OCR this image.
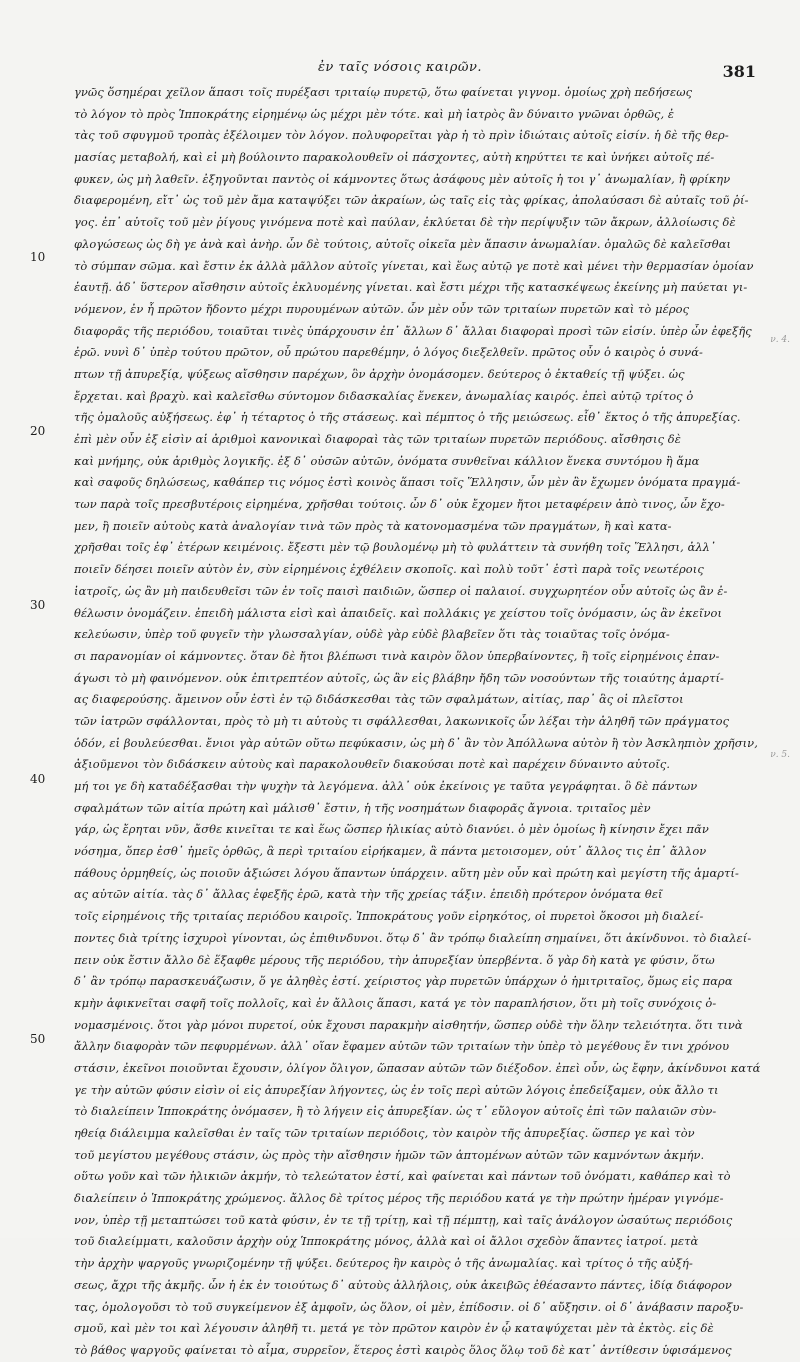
ἐν ταῖς νόσοις καιρῶν.	381
10
20
30
40
50
ν. 4.
ν. 5.
γνῶς ὅσημέραι χεῖλον ἅπασι τοῖς πυρέξασι τριταίῳ πυρετῷ, ὅτω φαίνεται γιγνομ. ὁμοίως χρὴ πεδήσεως
τὸ λόγον τὸ πρὸς Ἱπποκράτης εἰρημένῳ ὡς μέχρι μὲν τότε. καὶ μὴ ἰατρὸς ἂν δύναιτο γνῶναι ὀρθῶς, ἐ
τὰς τοῦ σφυγμοῦ τροπὰς ἐξέλοιμεν τὸν λόγον. πολυφορεῖται γὰρ ἡ τὸ πρὶν ἰδιώταις αὐτοῖς εἰσίν. ἡ δὲ τῆς θερ-
μασίας μεταβολή, καὶ εἰ μὴ βούλοιντο παρακολουθεῖν οἱ πάσχοντες, αὐτὴ κηρύττει τε καὶ ὑνήκει αὐτοῖς πέ-
φυκεν, ὡς μὴ λαθεῖν. ἐξηγοῦνται παντὸς οἱ κάμνοντες ὅτως ἀσάφους μὲν αὐτοῖς ἡ τοι γ᾽ ἀνωμαλίαν, ἢ φρίκην
διαφερομένη, εἴτ᾽ ὡς τοῦ μὲν ἄμα καταψύξει τῶν ἀκραίων, ὡς ταῖς εἰς τὰς φρίκας, ἀπολαύσασι δὲ αὐταῖς τοῦ ῥί-
γος. ἐπ᾽ αὐτοῖς τοῦ μὲν ῥίγους γινόμενα ποτὲ καὶ παύλαν, ἐκλύεται δὲ τὴν περίψυξιν τῶν ἄκρων, ἀλλοίωσις δὲ
φλογώσεως ὡς δὴ γε ἀνὰ καὶ ἀνὴρ. ὧν δὲ τούτοις, αὐτοῖς οἰκεῖα μὲν ἅπασιν ἀνωμαλίαν. ὁμαλῶς δὲ καλεῖσθαι
τὸ σύμπαν σῶμα. καὶ ἔστιν ἐκ ἀλλὰ μᾶλλον αὐτοῖς γίνεται, καὶ ἕως αὐτῷ γε ποτὲ καὶ μένει τὴν θερμασίαν ὁμοίαν
ἑαυτῇ. ἀδ᾽ ὕστερον αἴσθησιν αὐτοῖς ἐκλυομένης γίνεται. καὶ ἔστι μέχρι τῆς κατασκέψεως ἐκείνης μὴ παύεται γι-
νόμενον, ἐν ἧ πρῶτον ἤδοντο μέχρι πυρουμένων αὐτῶν. ὧν μὲν οὖν τῶν τριταίων πυρετῶν καὶ τὸ μέρος
διαφορᾶς τῆς περιόδου, τοιαῦται τινὲς ὑπάρχουσιν ἐπ᾽ ἄλλων δ᾽ ἄλλαι διαφοραὶ προσὶ τῶν εἰσίν. ὑπὲρ ὧν ἐφεξῆς
ἐρῶ. νυνὶ δ᾽ ὑπὲρ τούτου πρῶτον, οὗ πρώτου παρεθέμην, ὁ λόγος διεξελθεῖν. πρῶτος οὖν ὁ καιρὸς ὁ συνά-
πτων τῇ ἀπυρεξίᾳ, ψύξεως αἴσθησιν παρέχων, ὃν ἀρχὴν ὀνομάσομεν. δεύτερος ὁ ἐκταθείς τῇ ψύξει. ὡς
ἔρχεται. καὶ βραχὺ. καὶ καλεῖσθω σύντομον διδασκαλίας ἕνεκεν, ἀνωμαλίας καιρός. ἐπεὶ αὐτῷ τρίτος ὁ
τῆς ὁμαλοῦς αὐξήσεως. ἐφ᾽ ἡ τέταρτος ὁ τῆς στάσεως. καὶ πέμπτος ὁ τῆς μειώσεως. εἶθ᾽ ἕκτος ὁ τῆς ἀπυρεξίας.
ἐπὶ μὲν οὖν ἐξ εἰσὶν αἱ ἀριθμοὶ κανονικαὶ διαφοραὶ τὰς τῶν τριταίων πυρετῶν περιόδους. αἴσθησις δὲ
καὶ μνήμης, οὐκ ἀριθμὸς λογικῆς. ἐξ δ᾽ οὐσῶν αὐτῶν, ὀνόματα συνθεῖναι κάλλιον ἕνεκα συντόμου ἢ ἅμα
καὶ σαφοῦς δηλώσεως, καθάπερ τις νόμος ἐστὶ κοινὸς ἅπασι τοῖς Ἕλλησιν, ὧν μὲν ἂν ἔχωμεν ὀνόματα πραγμά-
των παρὰ τοῖς πρεσβυτέροις εἰρημένα, χρῆσθαι τούτοις. ὧν δ᾽ οὐκ ἔχομεν ἤτοι μεταφέρειν ἀπὸ τινος, ὧν ἔχο-
μεν, ἢ ποιεῖν αὐτοὺς κατὰ ἀναλογίαν τινὰ τῶν πρὸς τὰ κατονομασμένα τῶν πραγμάτων, ἢ καὶ κατα-
χρῆσθαι τοῖς ἐφ᾽ ἑτέρων κειμένοις. ἔξεστι μὲν τῷ βουλομένῳ μὴ τὸ φυλάττειν τὰ συνήθη τοῖς Ἕλλησι, ἀλλ᾽
ποιεῖν δέησει ποιεῖν αὐτὸν ἐν, σὺν εἰρημένοις ἐχθέλειν σκοποῖς. καὶ πολὺ τοῦτ᾽ ἐστὶ παρὰ τοῖς νεωτέροις
ἰατροῖς, ὡς ἂν μὴ παιδευθεῖσι τῶν ἐν τοῖς παισὶ παιδιῶν, ὥσπερ οἱ παλαιοί. συγχωρητέον οὖν αὐτοῖς ὡς ἂν ἐ-
θέλωσιν ὀνομάζειν. ἐπειδὴ μάλιστα εἰσὶ καὶ ἀπαιδεῖς. καὶ πολλάκις γε χείστου τοῖς ὀνόμασιν, ὡς ἂν ἐκεῖνοι
κελεύωσιν, ὑπὲρ τοῦ φυγεῖν τὴν γλωσσαλγίαν, οὐδὲ γὰρ εὐδὲ βλαβεῖεν ὅτι τὰς τοιαῦτας τοῖς ὀνόμα-
σι παρανομίαν οἱ κάμνοντες. ὅταν δὲ ἤτοι βλέπωσι τινὰ καιρὸν ὅλον ὑπερβαίνοντες, ἢ τοῖς εἰρημένοις ἐπαν-
άγωσι τὸ μὴ φαινόμενον. οὐκ ἐπιτρεπτέον αὐτοῖς, ὡς ἂν εἰς βλάβην ἤδη τῶν νοσούντων τῆς τοιαύτης ἁμαρτί-
ας διαφερούσης. ἄμεινον οὖν ἐστὶ ἐν τῷ διδάσκεσθαι τὰς τῶν σφαλμάτων, αἰτίας, παρ᾽ ἃς οἱ πλεῖστοι
τῶν ἰατρῶν σφάλλονται, πρὸς τὸ μὴ τι αὐτοὺς τι σφάλλεσθαι, λακωνικοῖς ὧν λέξαι τὴν ἀληθῆ τῶν πράγματος
ὁδόν, εἰ βουλεύεσθαι. ἔνιοι γὰρ αὐτῶν οὕτω πεφύκασιν, ὡς μὴ δ᾽ ἂν τὸν Ἀπόλλωνα αὐτὸν ἢ τὸν Ἀσκληπιὸν χρῆσιν,
ἀξιοῦμενοι τὸν διδάσκειν αὐτοὺς καὶ παρακολουθεῖν διακούσαι ποτὲ καὶ παρέχειν δύναιντο αὐτοῖς.
μή τοι γε δὴ καταδέξασθαι τὴν ψυχὴν τὰ λεγόμενα. ἀλλ᾽ οὐκ ἐκείνοις γε ταῦτα γεγράφηται. ὃ δὲ πάντων
σφαλμάτων τῶν αἰτία πρώτη καὶ μάλισθ᾽ ἔστιν, ἡ τῆς νοσημάτων διαφορᾶς ἄγνοια. τριταῖος μὲν
γάρ, ὡς ἔρηται νῦν, ἄσθε κινεῖται τε καὶ ἕως ὥσπερ ἡλικίας αὐτὸ διανύει. ὁ μὲν ὁμοίως ἢ κίνησιν ἔχει πᾶν
νόσημα, ὅπερ ἐσθ᾽ ἡμεῖς ὀρθῶς, ἃ περὶ τριταίου εἰρήκαμεν, ἃ πάντα μετοισομεν, οὐτ᾽ ἄλλος τις ἐπ᾽ ἄλλον
πάθους ὁρμηθείς, ὡς ποιοῦν ἀξιώσει λόγου ἅπαντων ὑπάρχειν. αὕτη μὲν οὖν καὶ πρώτη καὶ μεγίστη τῆς ἁμαρτί-
ας αὐτῶν αἰτία. τὰς δ᾽ ἄλλας ἐφεξῆς ἐρῶ, κατὰ τὴν τῆς χρείας τάξιν. ἐπειδὴ πρότερον ὀνόματα θεῖ
τοῖς εἰρημένοις τῆς τριταίας περιόδου καιροῖς. Ἱπποκράτους γοῦν εἰρηκότος, οἱ πυρετοὶ ὅκοσοι μὴ διαλεί-
ποντες διὰ τρίτης ἰσχυροὶ γίνονται, ὡς ἐπιθινδυνοι. ὅτῳ δ᾽ ἂν τρόπῳ διαλείπη σημαίνει, ὅτι ἀκίνδυνοι. τὸ διαλεί-
πειν οὐκ ἔστιν ἄλλο δὲ ἕξαφθε μέρους τῆς περιόδου, τὴν ἀπυρεξίαν ὑπερβέντα. ὅ γὰρ δὴ κατὰ γε φύσιν, ὅτω
δ᾽ ἂν τρόπῳ παρασκευάζωσιν, ὅ γε ἀληθὲς ἐστί. χείριστος γὰρ πυρετῶν ὑπάρχων ὁ ἡμιτριταῖος, ὅμως εἰς παρα
κμὴν ἀφικνεῖται σαφῆ τοῖς πολλοῖς, καὶ ἐν ἄλλοις ἅπασι, κατά γε τὸν παραπλήσιον, ὅτι μὴ τοῖς συνόχοις ὀ-
νομασμένοις. ὅτοι γὰρ μόνοι πυρετοί, οὐκ ἔχουσι παρακμὴν αἰσθητήν, ὥσπερ οὐδὲ τὴν ὅλην τελειότητα. ὅτι τινὰ
ἄλλην διαφορὰν τῶν πεφυρμένων. ἀλλ᾽ οἵαν ἔφαμεν αὐτῶν τῶν τριταίων τὴν ὑπὲρ τὸ μεγέθους ἔν τινι χρόνου
στάσιν, ἐκεῖνοι ποιοῦνται ἔχουσιν, ὀλίγον ὄλιγον, ὥπασαν αὐτῶν τῶν διέξοδον. ἐπεὶ οὖν, ὡς ἔφην, ἀκίνδυνοι κατά
γε τὴν αὐτῶν φύσιν εἰσὶν οἱ εἰς ἀπυρεξίαν λήγοντες, ὡς ἐν τοῖς περὶ αὐτῶν λόγοις ἐπεδείξαμεν, οὐκ ἄλλο τι
τὸ διαλείπειν Ἱπποκράτης ὀνόμασεν, ἢ τὸ λήγειν εἰς ἀπυρεξίαν. ὡς τ᾽ εὔλογον αὐτοῖς ἐπὶ τῶν παλαιῶν σὺν-
ηθείᾳ διάλειμμα καλεῖσθαι ἐν ταῖς τῶν τριταίων περιόδοις, τὸν καιρὸν τῆς ἀπυρεξίας. ὥσπερ γε καὶ τὸν
τοῦ μεγίστου μεγέθους στάσιν, ὡς πρὸς τὴν αἴσθησιν ἡμῶν τῶν ἁπτομένων αὐτῶν τῶν καμνόντων ἀκμήν.
οὕτω γοῦν καὶ τῶν ἡλικιῶν ἀκμήν, τὸ τελεώτατον ἐστί, καὶ φαίνεται καὶ πάντων τοῦ ὀνόματι, καθάπερ καὶ τὸ
διαλείπειν ὁ Ἱπποκράτης χρώμενος. ἄλλος δὲ τρίτος μέρος τῆς περιόδου κατά γε τὴν πρώτην ἡμέραν γιγνόμε-
νον, ὑπὲρ τῇ μεταπτώσει τοῦ κατὰ φύσιν, ἐν τε τῇ τρίτῃ, καὶ τῇ πέμπτῃ, καὶ ταῖς ἀνάλογον ὡσαύτως περιόδοις
τοῦ διαλείμματι, καλοῦσιν ἀρχὴν οὐχ Ἱπποκράτης μόνος, ἀλλὰ καὶ οἱ ἄλλοι σχεδὸν ἅπαντες ἰατροί. μετὰ
τὴν ἀρχὴν ψαργοῦς γνωριζομένην τῇ ψύξει. δεύτερος ἣν καιρὸς ὁ τῆς ἀνωμαλίας. καὶ τρίτος ὁ τῆς αὐξή-
σεως, ἄχρι τῆς ἀκμῆς. ὧν ἡ ἐκ ἐν τοιούτως δ᾽ αὐτοὺς ἀλλήλοις, οὐκ ἀκειβῶς ἐθέασαντο πάντες, ἰδίᾳ διάφορον
τας, ὁμολογοῦσι τὸ τοῦ συγκείμενον ἐξ ἀμφοῖν, ὡς ὅλον, οἱ μὲν, ἐπίδοσιν. οἱ δ᾽ αὔξησιν. οἱ δ᾽ ἀνάβασιν παροξυ-
σμοῦ, καὶ μὲν τοι καὶ λέγουσιν ἀληθῆ τι. μετά γε τὸν πρῶτον καιρὸν ἐν ᾧ καταψύχεται μὲν τὰ ἐκτὸς. εἰς δὲ
τὸ βάθος ψαργοῦς φαίνεται τὸ αἷμα, συρρεῖον, ἕτερος ἐστὶ καιρὸς ὅλος ὅλῳ τοῦ δὲ κατ᾽ ἀντίθεσιν ὑφισάμενος
